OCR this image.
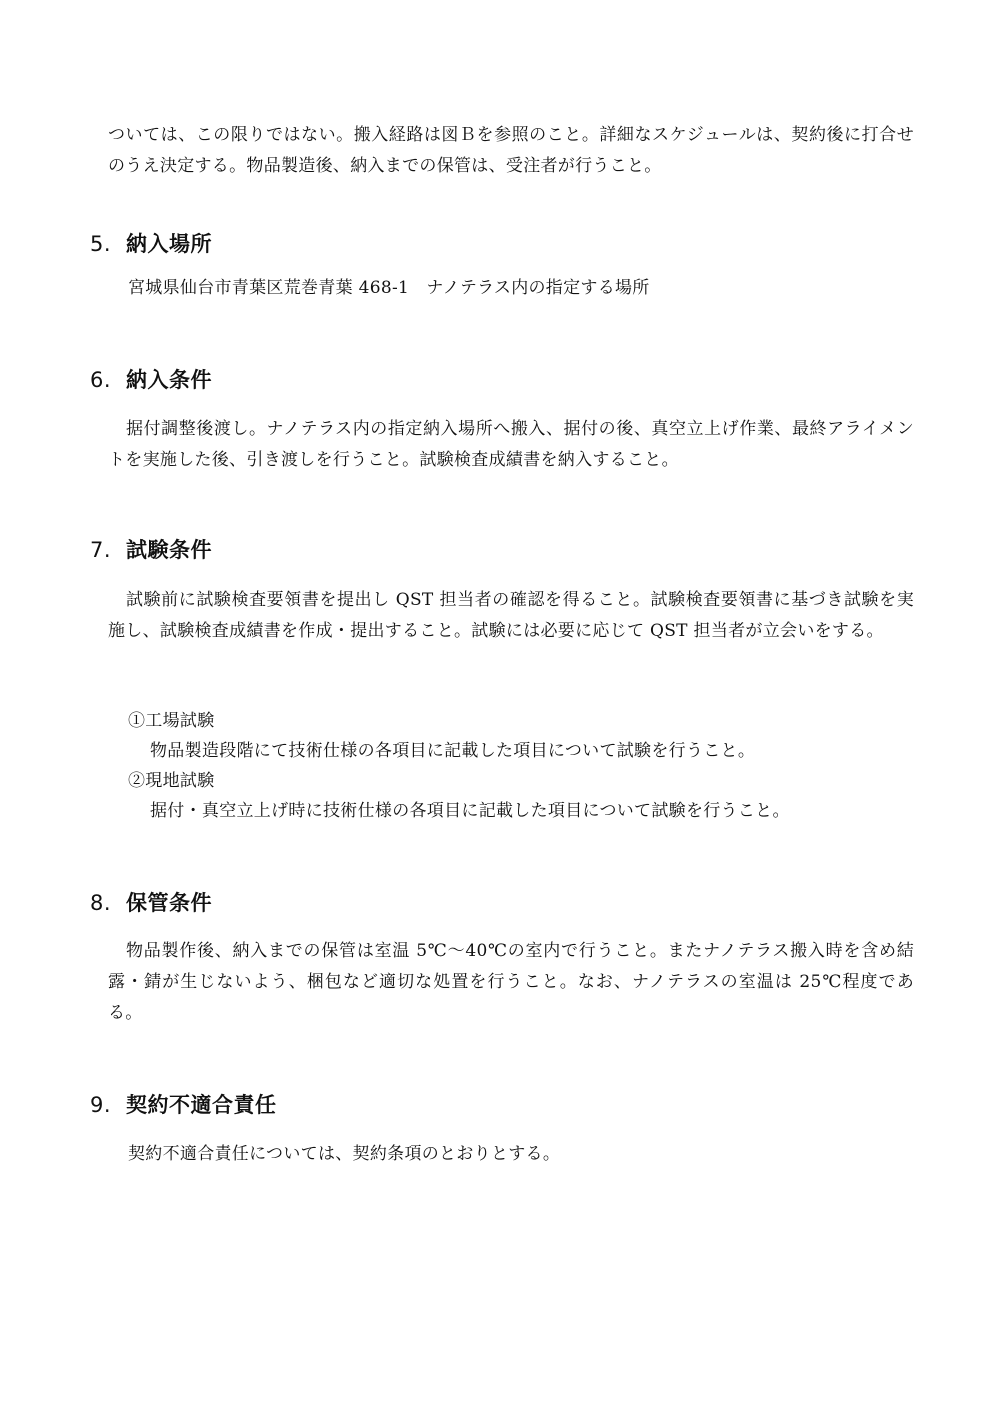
ついては、この限りではない。搬入経路は図Ｂを参照のこと。詳細なスケジュールは、契約後に打合せのうえ決定する。物品製造後、納入までの保管は、受注者が行うこと。
5. 納入場所
宮城県仙台市青葉区荒巻青葉 468-1　ナノテラス内の指定する場所
6. 納入条件
据付調整後渡し。ナノテラス内の指定納入場所へ搬入、据付の後、真空立上げ作業、最終アライメントを実施した後、引き渡しを行うこと。試験検査成績書を納入すること。
7. 試験条件
試験前に試験検査要領書を提出し QST 担当者の確認を得ること。試験検査要領書に基づき試験を実施し、試験検査成績書を作成・提出すること。試験には必要に応じて QST 担当者が立会いをする。
①工場試験
物品製造段階にて技術仕様の各項目に記載した項目について試験を行うこと。
②現地試験
据付・真空立上げ時に技術仕様の各項目に記載した項目について試験を行うこと。
8. 保管条件
物品製作後、納入までの保管は室温 5℃～40℃の室内で行うこと。またナノテラス搬入時を含め結露・錆が生じないよう、梱包など適切な処置を行うこと。なお、ナノテラスの室温は 25℃程度である。
9. 契約不適合責任
契約不適合責任については、契約条項のとおりとする。
